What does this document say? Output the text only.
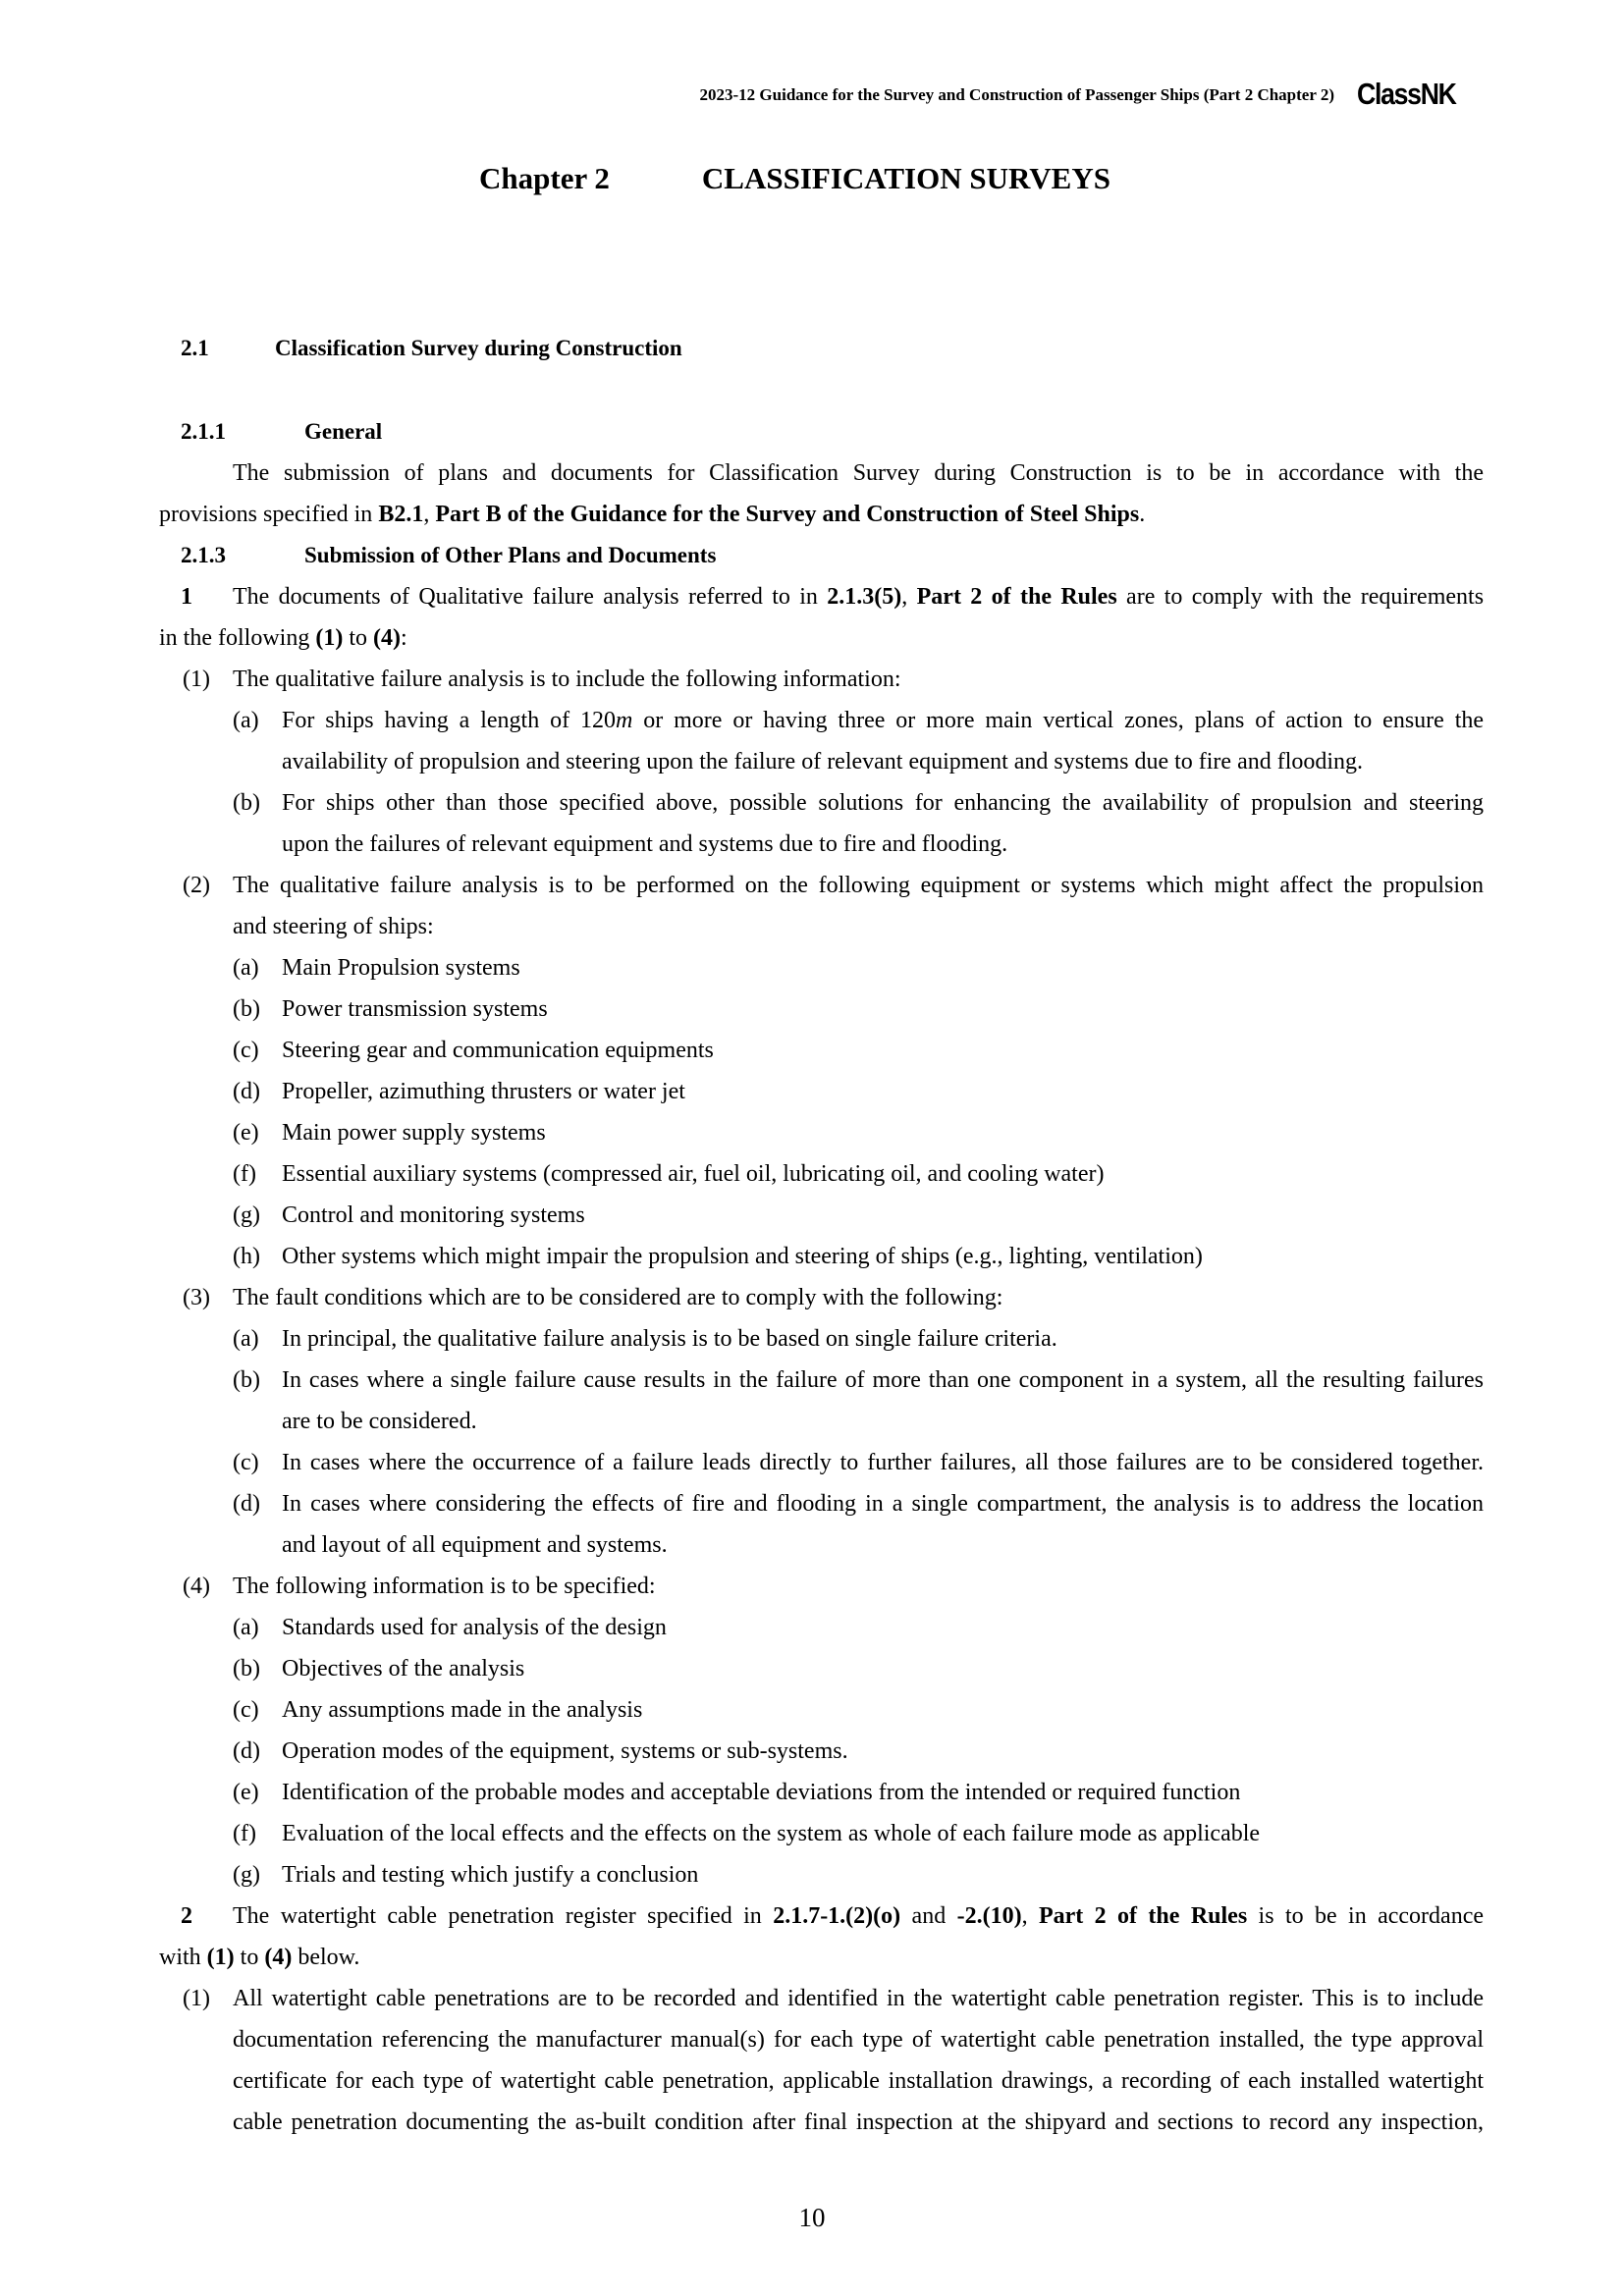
2023-12 Guidance for the Survey and Construction of Passenger Ships (Part 2 Chapter 2) ClassNK
Chapter 2	CLASSIFICATION SURVEYS
2.1	Classification Survey during Construction
2.1.1	General
The submission of plans and documents for Classification Survey during Construction is to be in accordance with the
provisions specified in B2.1, Part B of the Guidance for the Survey and Construction of Steel Ships.
2.1.3	Submission of Other Plans and Documents
1 The documents of Qualitative failure analysis referred to in 2.1.3(5), Part 2 of the Rules are to comply with the requirements
in the following (1) to (4):
(1) The qualitative failure analysis is to include the following information:
(a) For ships having a length of 120m or more or having three or more main vertical zones, plans of action to ensure the
availability of propulsion and steering upon the failure of relevant equipment and systems due to fire and flooding.
(b) For ships other than those specified above, possible solutions for enhancing the availability of propulsion and steering
upon the failures of relevant equipment and systems due to fire and flooding.
(2) The qualitative failure analysis is to be performed on the following equipment or systems which might affect the propulsion
and steering of ships:
(a) Main Propulsion systems
(b) Power transmission systems
(c) Steering gear and communication equipments
(d) Propeller, azimuthing thrusters or water jet
(e) Main power supply systems
(f) Essential auxiliary systems (compressed air, fuel oil, lubricating oil, and cooling water)
(g) Control and monitoring systems
(h) Other systems which might impair the propulsion and steering of ships (e.g., lighting, ventilation)
(3) The fault conditions which are to be considered are to comply with the following:
(a) In principal, the qualitative failure analysis is to be based on single failure criteria.
(b) In cases where a single failure cause results in the failure of more than one component in a system, all the resulting failures
are to be considered.
(c) In cases where the occurrence of a failure leads directly to further failures, all those failures are to be considered together.
(d) In cases where considering the effects of fire and flooding in a single compartment, the analysis is to address the location
and layout of all equipment and systems.
(4) The following information is to be specified:
(a) Standards used for analysis of the design
(b) Objectives of the analysis
(c) Any assumptions made in the analysis
(d) Operation modes of the equipment, systems or sub-systems.
(e) Identification of the probable modes and acceptable deviations from the intended or required function
(f) Evaluation of the local effects and the effects on the system as whole of each failure mode as applicable
(g) Trials and testing which justify a conclusion
2 The watertight cable penetration register specified in 2.1.7-1.(2)(o) and -2.(10), Part 2 of the Rules is to be in accordance
with (1) to (4) below.
(1) All watertight cable penetrations are to be recorded and identified in the watertight cable penetration register. This is to include
documentation referencing the manufacturer manual(s) for each type of watertight cable penetration installed, the type approval
certificate for each type of watertight cable penetration, applicable installation drawings, a recording of each installed watertight
cable penetration documenting the as-built condition after final inspection at the shipyard and sections to record any inspection,
10
